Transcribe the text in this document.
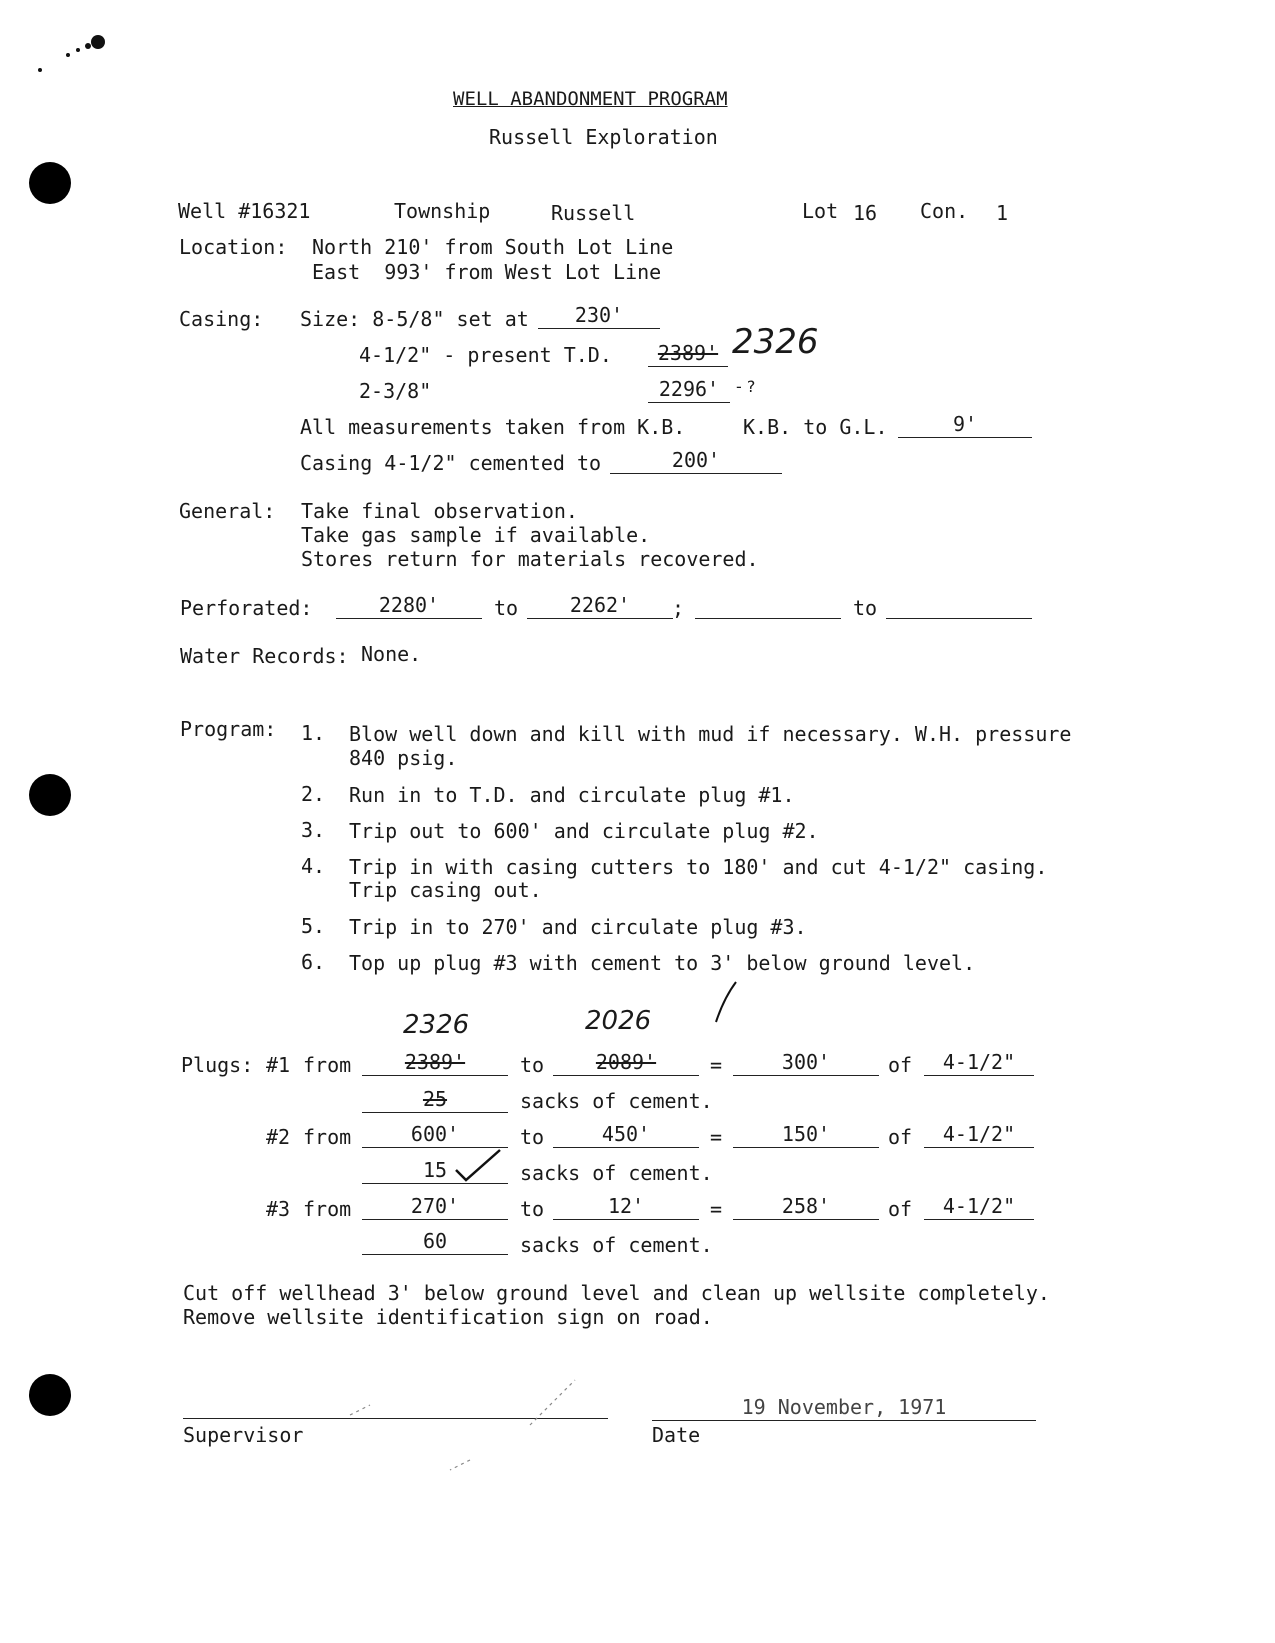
WELL ABANDONMENT PROGRAM
Russell Exploration
Well #16321	Township	Russell	Lot 16 Con. 1
Location: North 210' from South Lot Line
East  993' from West Lot Line
Casing: Size: 8-5/8" set at	230'
4-1/2" - present T.D.	2389' 2326
2-3/8"	2296'	- ?
All measurements taken from K.B.	K.B. to G.L.	9'
Casing 4-1/2" cemented to	200'
General: Take final observation.
Take gas sample if available.
Stores return for materials recovered.
Perforated:	2280'	to	2262'	;	to
Water Records: None.
Program: 1. Blow well down and kill with mud if necessary. W.H. pressure
840 psig.
2. Run in to T.D. and circulate plug #1.
3. Trip out to 600' and circulate plug #2.
4. Trip in with casing cutters to 180' and cut 4-1/2" casing.
Trip casing out.
5. Trip in to 270' and circulate plug #3.
6. Top up plug #3 with cement to 3' below ground level.
2326	2026
Plugs: #1 from	2389'	to	2089'	=	300'	of	4-1/2"
25	sacks of cement.
#2 from	600'	to	450'	=	150'	of	4-1/2"
15	sacks of cement.
#3 from	270'	to	12'	=	258'	of	4-1/2"
60	sacks of cement.
Cut off wellhead 3' below ground level and clean up wellsite completely.
Remove wellsite identification sign on road.
Supervisor
19 November, 1971
Date
